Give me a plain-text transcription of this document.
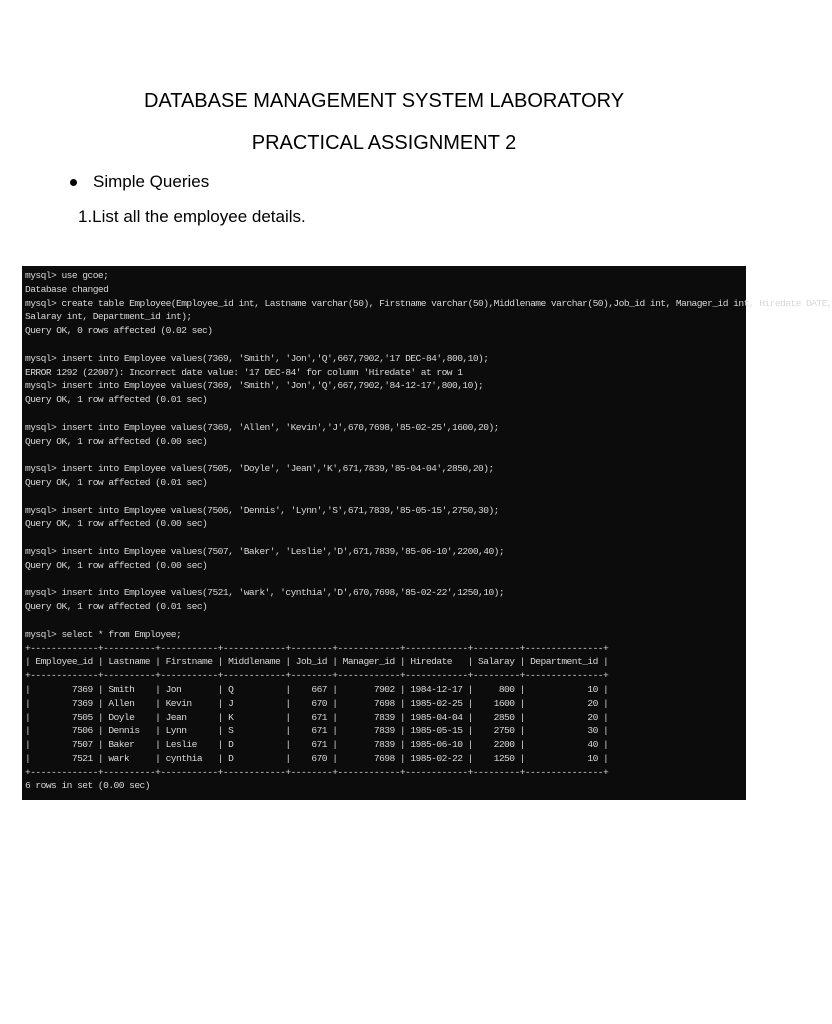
DATABASE MANAGEMENT SYSTEM LABORATORY
PRACTICAL ASSIGNMENT 2
Simple Queries
1.List all the employee details.
mysql> use gcoe;
Database changed
mysql> create table Employee(Employee_id int, Lastname varchar(50), Firstname varchar(50),Middlename varchar(50),Job_id int, Manager_id int, Hiredate DATE,
Salaray int, Department_id int);
Query OK, 0 rows affected (0.02 sec)
mysql> insert into Employee values(7369, 'Smith', 'Jon','Q',667,7902,'17 DEC-84',800,10);
ERROR 1292 (22007): Incorrect date value: '17 DEC-84' for column 'Hiredate' at row 1
mysql> insert into Employee values(7369, 'Smith', 'Jon','Q',667,7902,'84-12-17',800,10);
Query OK, 1 row affected (0.01 sec)
mysql> insert into Employee values(7369, 'Allen', 'Kevin','J',670,7698,'85-02-25',1600,20);
Query OK, 1 row affected (0.00 sec)
mysql> insert into Employee values(7505, 'Doyle', 'Jean','K',671,7839,'85-04-04',2850,20);
Query OK, 1 row affected (0.01 sec)
mysql> insert into Employee values(7506, 'Dennis', 'Lynn','S',671,7839,'85-05-15',2750,30);
Query OK, 1 row affected (0.00 sec)
mysql> insert into Employee values(7507, 'Baker', 'Leslie','D',671,7839,'85-06-10',2200,40);
Query OK, 1 row affected (0.00 sec)
mysql> insert into Employee values(7521, 'wark', 'cynthia','D',670,7698,'85-02-22',1250,10);
Query OK, 1 row affected (0.01 sec)
mysql> select * from Employee;
+-------------+----------+-----------+------------+--------+------------+------------+---------+---------------+
| Employee_id | Lastname | Firstname | Middlename | Job_id | Manager_id | Hiredate   | Salaray | Department_id |
+-------------+----------+-----------+------------+--------+------------+------------+---------+---------------+
|        7369 | Smith    | Jon       | Q          |    667 |       7902 | 1984-12-17 |     800 |            10 |
|        7369 | Allen    | Kevin     | J          |    670 |       7698 | 1985-02-25 |    1600 |            20 |
|        7505 | Doyle    | Jean      | K          |    671 |       7839 | 1985-04-04 |    2850 |            20 |
|        7506 | Dennis   | Lynn      | S          |    671 |       7839 | 1985-05-15 |    2750 |            30 |
|        7507 | Baker    | Leslie    | D          |    671 |       7839 | 1985-06-10 |    2200 |            40 |
|        7521 | wark     | cynthia   | D          |    670 |       7698 | 1985-02-22 |    1250 |            10 |
+-------------+----------+-----------+------------+--------+------------+------------+---------+---------------+
6 rows in set (0.00 sec)
